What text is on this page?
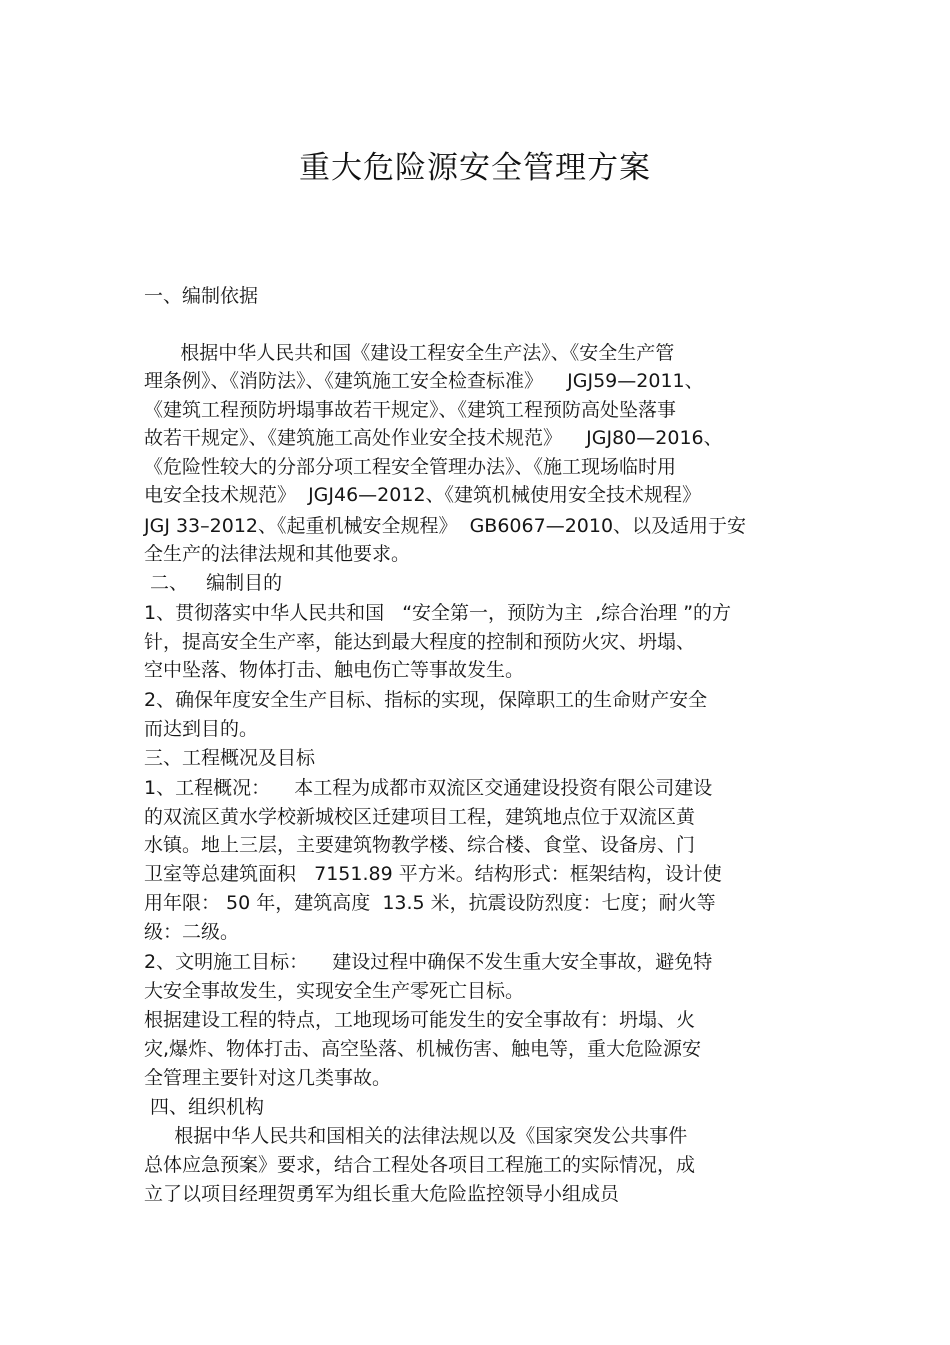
重大危险源安全管理方案
一、编制依据
根据中华人民共和国《建设工程安全生产法》、《安全生产管
理条例》、《消防法》、《建筑施工安全检查标准》    JGJ59—2011、
《建筑工程预防坍塌事故若干规定》、《建筑工程预防高处坠落事
故若干规定》、《建筑施工高处作业安全技术规范》    JGJ80—2016、
《危险性较大的分部分项工程安全管理办法》、《施工现场临时用
电安全技术规范》  JGJ46—2012、《建筑机械使用安全技术规程》
JGJ 33–2012、《起重机械安全规程》  GB6067—2010、以及适用于安
全生产的法律法规和其他要求。
二、   编制目的
1、贯彻落实中华人民共和国   “安全第一，预防为主  ,综合治理 ”的方
针，提高安全生产率，能达到最大程度的控制和预防火灾、坍塌、
空中坠落、物体打击、触电伤亡等事故发生。
2、确保年度安全生产目标、指标的实现，保障职工的生命财产安全
而达到目的。
三、工程概况及目标
1、工程概况：    本工程为成都市双流区交通建设投资有限公司建设
的双流区黄水学校新城校区迁建项目工程，建筑地点位于双流区黄
水镇。地上三层，主要建筑物教学楼、综合楼、食堂、设备房、门
卫室等总建筑面积   7151.89 平方米。结构形式：框架结构，设计使
用年限： 50 年，建筑高度  13.5 米，抗震设防烈度：七度；耐火等
级：二级。
2、文明施工目标：    建设过程中确保不发生重大安全事故，避免特
大安全事故发生，实现安全生产零死亡目标。
根据建设工程的特点，工地现场可能发生的安全事故有：坍塌、火
灾,爆炸、物体打击、高空坠落、机械伤害、触电等，重大危险源安
全管理主要针对这几类事故。
四、组织机构
根据中华人民共和国相关的法律法规以及《国家突发公共事件
总体应急预案》要求，结合工程处各项目工程施工的实际情况，成
立了以项目经理贺勇军为组长重大危险监控领导小组成员
